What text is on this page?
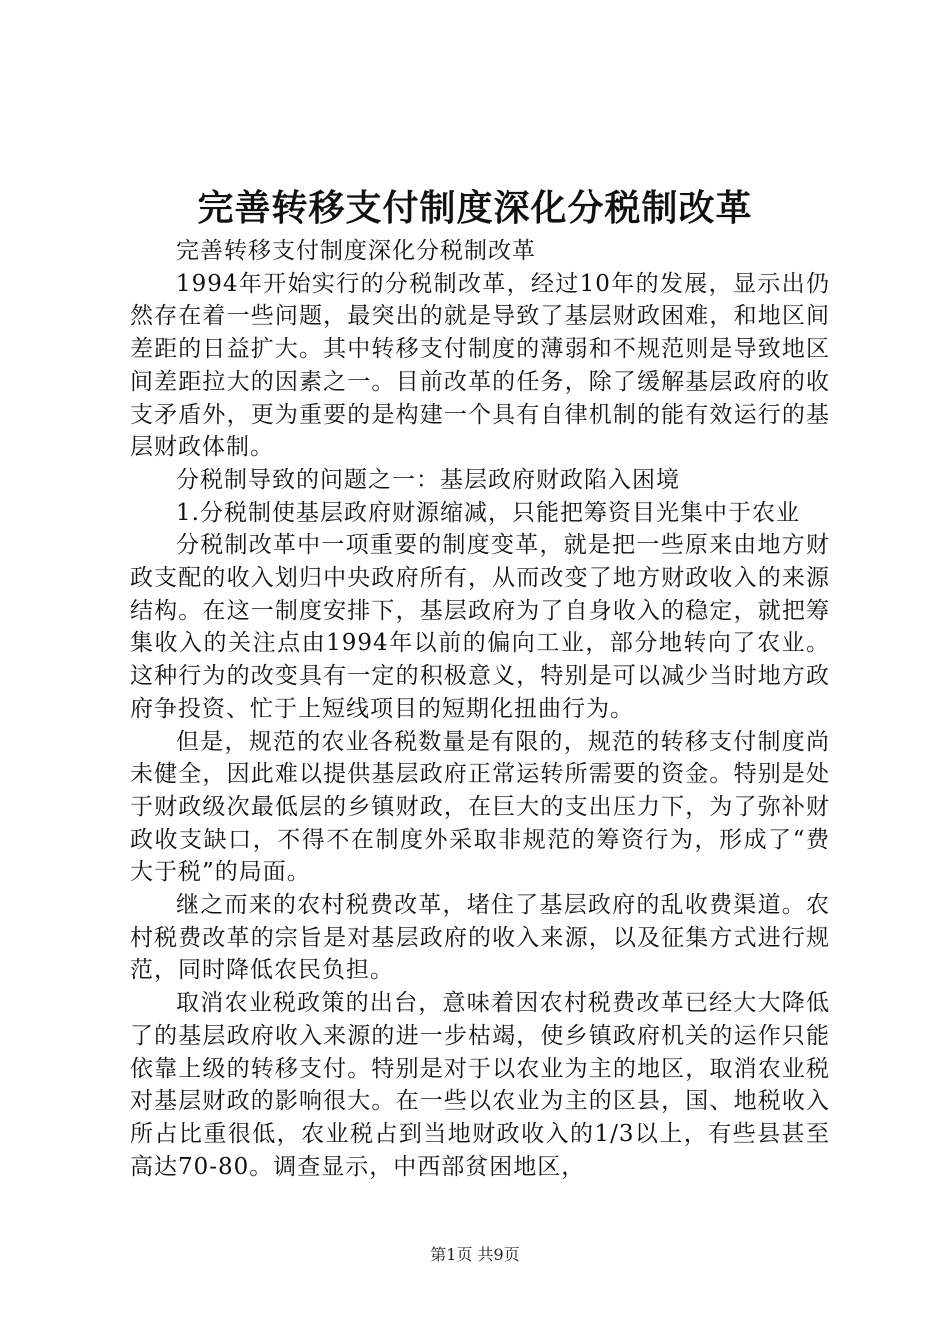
完善转移支付制度深化分税制改革

完善转移支付制度深化分税制改革

1994年开始实行的分税制改革，经过10年的发展，显示出仍然存在着一些问题，最突出的就是导致了基层财政困难，和地区间差距的日益扩大。其中转移支付制度的薄弱和不规范则是导致地区间差距拉大的因素之一。目前改革的任务，除了缓解基层政府的收支矛盾外，更为重要的是构建一个具有自律机制的能有效运行的基层财政体制。

分税制导致的问题之一：基层政府财政陷入困境

1.分税制使基层政府财源缩减，只能把筹资目光集中于农业

分税制改革中一项重要的制度变革，就是把一些原来由地方财政支配的收入划归中央政府所有，从而改变了地方财政收入的来源结构。在这一制度安排下，基层政府为了自身收入的稳定，就把筹集收入的关注点由1994年以前的偏向工业，部分地转向了农业。这种行为的改变具有一定的积极意义，特别是可以减少当时地方政府争投资、忙于上短线项目的短期化扭曲行为。

但是，规范的农业各税数量是有限的，规范的转移支付制度尚未健全，因此难以提供基层政府正常运转所需要的资金。特别是处于财政级次最低层的乡镇财政，在巨大的支出压力下，为了弥补财政收支缺口，不得不在制度外采取非规范的筹资行为，形成了“费大于税”的局面。

继之而来的农村税费改革，堵住了基层政府的乱收费渠道。农村税费改革的宗旨是对基层政府的收入来源，以及征集方式进行规范，同时降低农民负担。

取消农业税政策的出台，意味着因农村税费改革已经大大降低了的基层政府收入来源的进一步枯竭，使乡镇政府机关的运作只能依靠上级的转移支付。特别是对于以农业为主的地区，取消农业税对基层财政的影响很大。在一些以农业为主的区县，国、地税收入所占比重很低，农业税占到当地财政收入的1/3以上，有些县甚至高达70-80。调查显示，中西部贫困地区，

第1页 共9页
